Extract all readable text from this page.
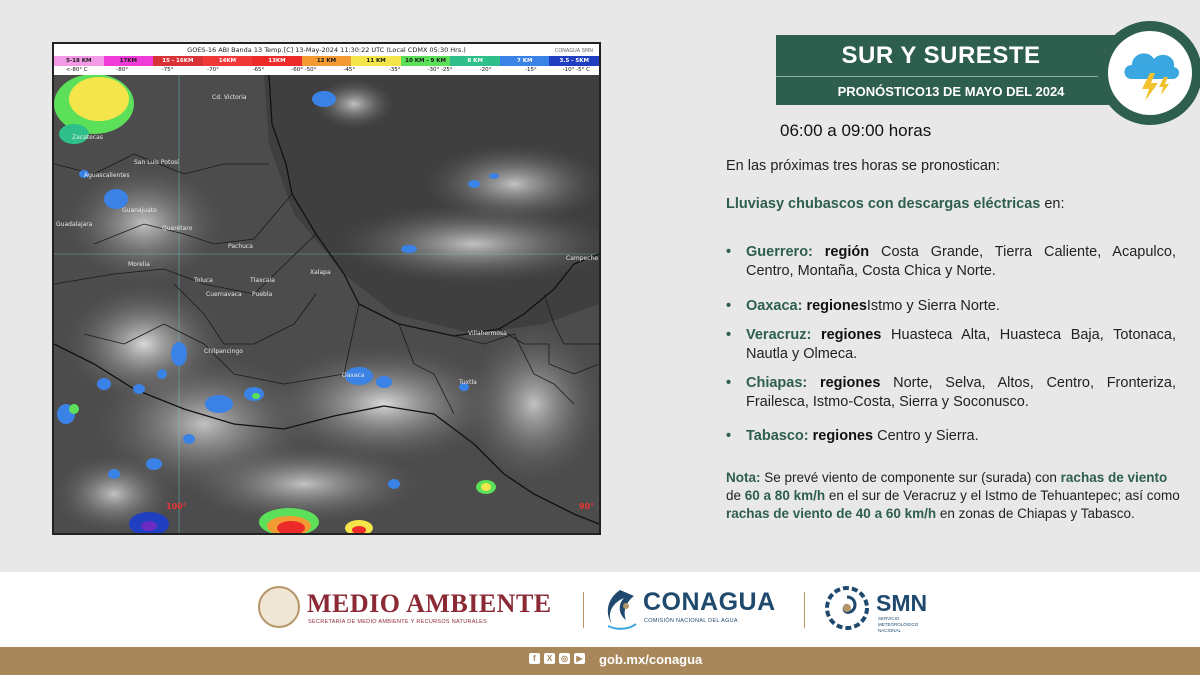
GOES-16 ABI Banda 13 Temp.[C] 13-May-2024 11:30:22 UTC (Local CDMX 05:30 Hrs.)	CONAGUA SMN
5-18 KM	17KM	15 - 16KM	14KM	13KM	12 KM	11 KM	10 KM - 9 KM	8 KM	7 KM	3.5 - 5KM
<-80° C	-80°	-75°	-70°	-65°	-60° -50°	-45°	-35°	-30° -25°	-20°	-15°	-10° -5° C
Cd. Victoria
Zacatecas
San Luis Potosí
Aguascalientes
Guanajuato
Querétaro
Guadalajara
Pachuca
Morelia
Toluca	Tlaxcala
Cuernavaca Puebla
Xalapa
Chilpancingo
Oaxaca
Villahermosa
Tuxtla
Campeche
100°	90°
SUR Y SURESTE
PRONÓSTICO13 DE MAYO DEL 2024
06:00 a 09:00 horas
En las próximas tres horas se pronostican:
Lluviasy chubascos con descargas eléctricas en:
• Guerrero: región Costa Grande, Tierra Caliente, Acapulco, Centro, Montaña, Costa Chica y Norte.
• Oaxaca: regionesIstmo y Sierra Norte.
• Veracruz: regiones Huasteca Alta, Huasteca Baja, Totonaca, Nautla y Olmeca.
• Chiapas: regiones Norte, Selva, Altos, Centro, Fronteriza, Frailesca, Istmo-Costa, Sierra y Soconusco.
• Tabasco: regiones Centro y Sierra.
Nota: Se prevé viento de componente sur (surada) con rachas de viento de 60 a 80 km/h en el sur de Veracruz y el Istmo de Tehuantepec; así como rachas de viento de 40 a 60 km/h en zonas de Chiapas y Tabasco.
MEDIO AMBIENTE
SECRETARÍA DE MEDIO AMBIENTE Y RECURSOS NATURALES
CONAGUA
COMISIÓN NACIONAL DEL AGUA
SMN
SERVICIO METEOROLÓGICO NACIONAL
f	X	◎	▶ gob.mx/conagua
